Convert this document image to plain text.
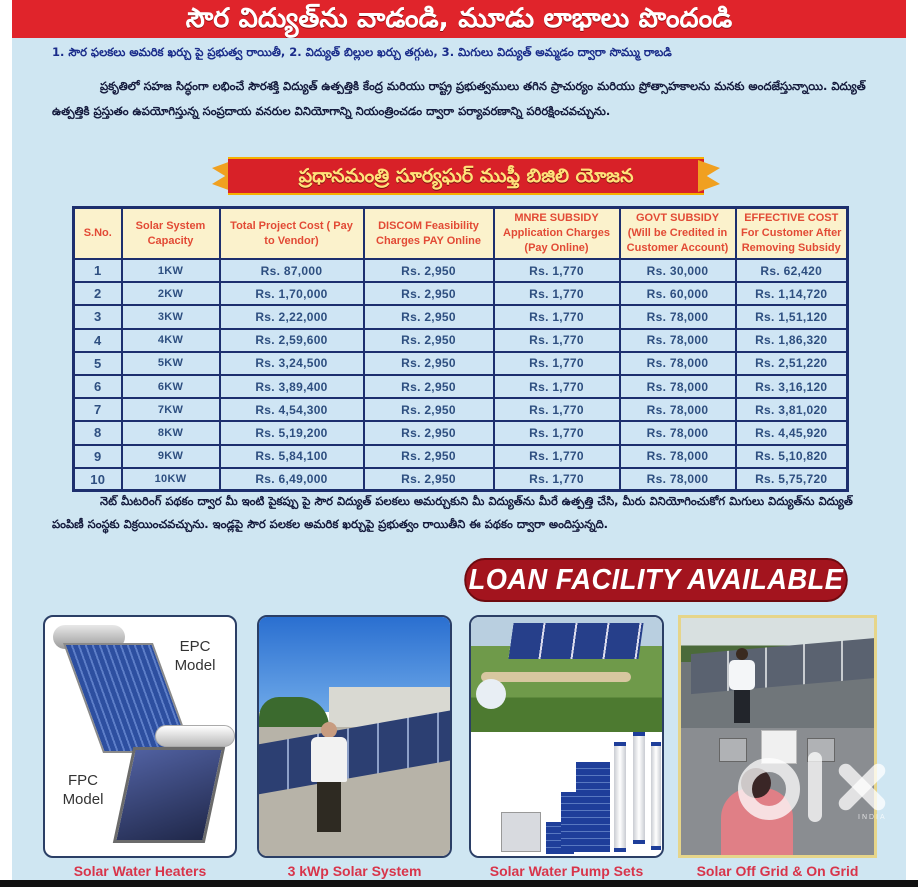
సౌర విద్యుత్‌ను వాడండి, మూడు లాభాలు పొందండి
1. సౌర ఫలకలు అమరిక ఖర్చు పై ప్రభుత్వ రాయితీ, 2. విద్యుత్ బిల్లుల ఖర్చు తగ్గుట, 3. మిగులు విద్యుత్ అమ్మడం ద్వారా సొమ్ము రాబడి

ప్రకృతిలో సహజ సిద్ధంగా లభించే సౌరశక్తి విద్యుత్ ఉత్పత్తికి కేంద్ర మరియు రాష్ట్ర ప్రభుత్వములు తగిన ప్రాచుర్యం మరియు ప్రోత్సాహకాలను మనకు అందజేస్తున్నాయి. విద్యుత్ ఉత్పత్తికి ప్రస్తుతం ఉపయోగిస్తున్న సంప్రదాయ వనరుల వినియోగాన్ని నియంత్రించడం ద్వారా పర్యావరణాన్ని పరిరక్షించవచ్చును.

ప్రధానమంత్రి సూర్యఘర్ ముఫ్తీ బిజిలి యోజన
S.No.	Solar System Capacity	Total Project Cost ( Pay to Vendor)	DISCOM Feasibility Charges PAY Online	MNRE SUBSIDY Application Charges (Pay Online)	GOVT SUBSIDY (Will be Credited in Customer Account)	EFFECTIVE COST For Customer After Removing Subsidy
1	1KW	Rs. 87,000	Rs. 2,950	Rs. 1,770	Rs. 30,000	Rs. 62,420
2	2KW	Rs. 1,70,000	Rs. 2,950	Rs. 1,770	Rs. 60,000	Rs. 1,14,720
3	3KW	Rs. 2,22,000	Rs. 2,950	Rs. 1,770	Rs. 78,000	Rs. 1,51,120
4	4KW	Rs. 2,59,600	Rs. 2,950	Rs. 1,770	Rs. 78,000	Rs. 1,86,320
5	5KW	Rs. 3,24,500	Rs. 2,950	Rs. 1,770	Rs. 78,000	Rs. 2,51,220
6	6KW	Rs. 3,89,400	Rs. 2,950	Rs. 1,770	Rs. 78,000	Rs. 3,16,120
7	7KW	Rs. 4,54,300	Rs. 2,950	Rs. 1,770	Rs. 78,000	Rs. 3,81,020
8	8KW	Rs. 5,19,200	Rs. 2,950	Rs. 1,770	Rs. 78,000	Rs. 4,45,920
9	9KW	Rs. 5,84,100	Rs. 2,950	Rs. 1,770	Rs. 78,000	Rs. 5,10,820
10	10KW	Rs. 6,49,000	Rs. 2,950	Rs. 1,770	Rs. 78,000	Rs. 5,75,720

నెట్ మీటరింగ్ పథకం ద్వార మీ ఇంటి పైకప్పు పై సౌర విద్యుత్ పలకలు అమర్చుకుని మీ విద్యుత్‌ను మీరే ఉత్పత్తి చేసి, మీరు వినియోగించుకోగ మిగులు విద్యుత్‌ను విద్యుత్ పంపిణీ సంస్థకు విక్రయించవచ్చును. ఇండ్లపై సౌర పలకల అమరిక ఖర్చుపై ప్రభుత్వం రాయితీని ఈ పథకం ద్వారా అందిస్తున్నది.

LOAN FACILITY AVAILABLE
EPC Model
FPC Model
Solar Water Heaters	3 kWp Solar System	Solar Water Pump Sets	Solar Off Grid & On Grid
INDIA
